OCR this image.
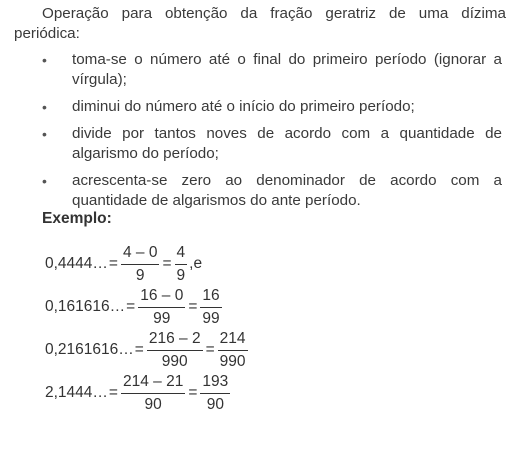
Operação para obtenção da fração geratriz de uma dízima periódica:

• toma-se o número até o final do primeiro período (ignorar a vírgula);
• diminui do número até o início do primeiro período;
• divide por tantos noves de acordo com a quantidade de algarismo do período;
• acrescenta-se zero ao denominador de acordo com a quantidade de algarismos do ante período.
Exemplo:
0,4444… = $\frac{4 - 0}{9} = \frac{4}{9} ,e$
0,161616… = $\frac{16 - 0}{99} = \frac{16}{99}$
0,2161616… = $\frac{216 - 2}{990} = \frac{214}{990}$
2,1444… = $\frac{214 - 21}{90} = \frac{193}{90}$
